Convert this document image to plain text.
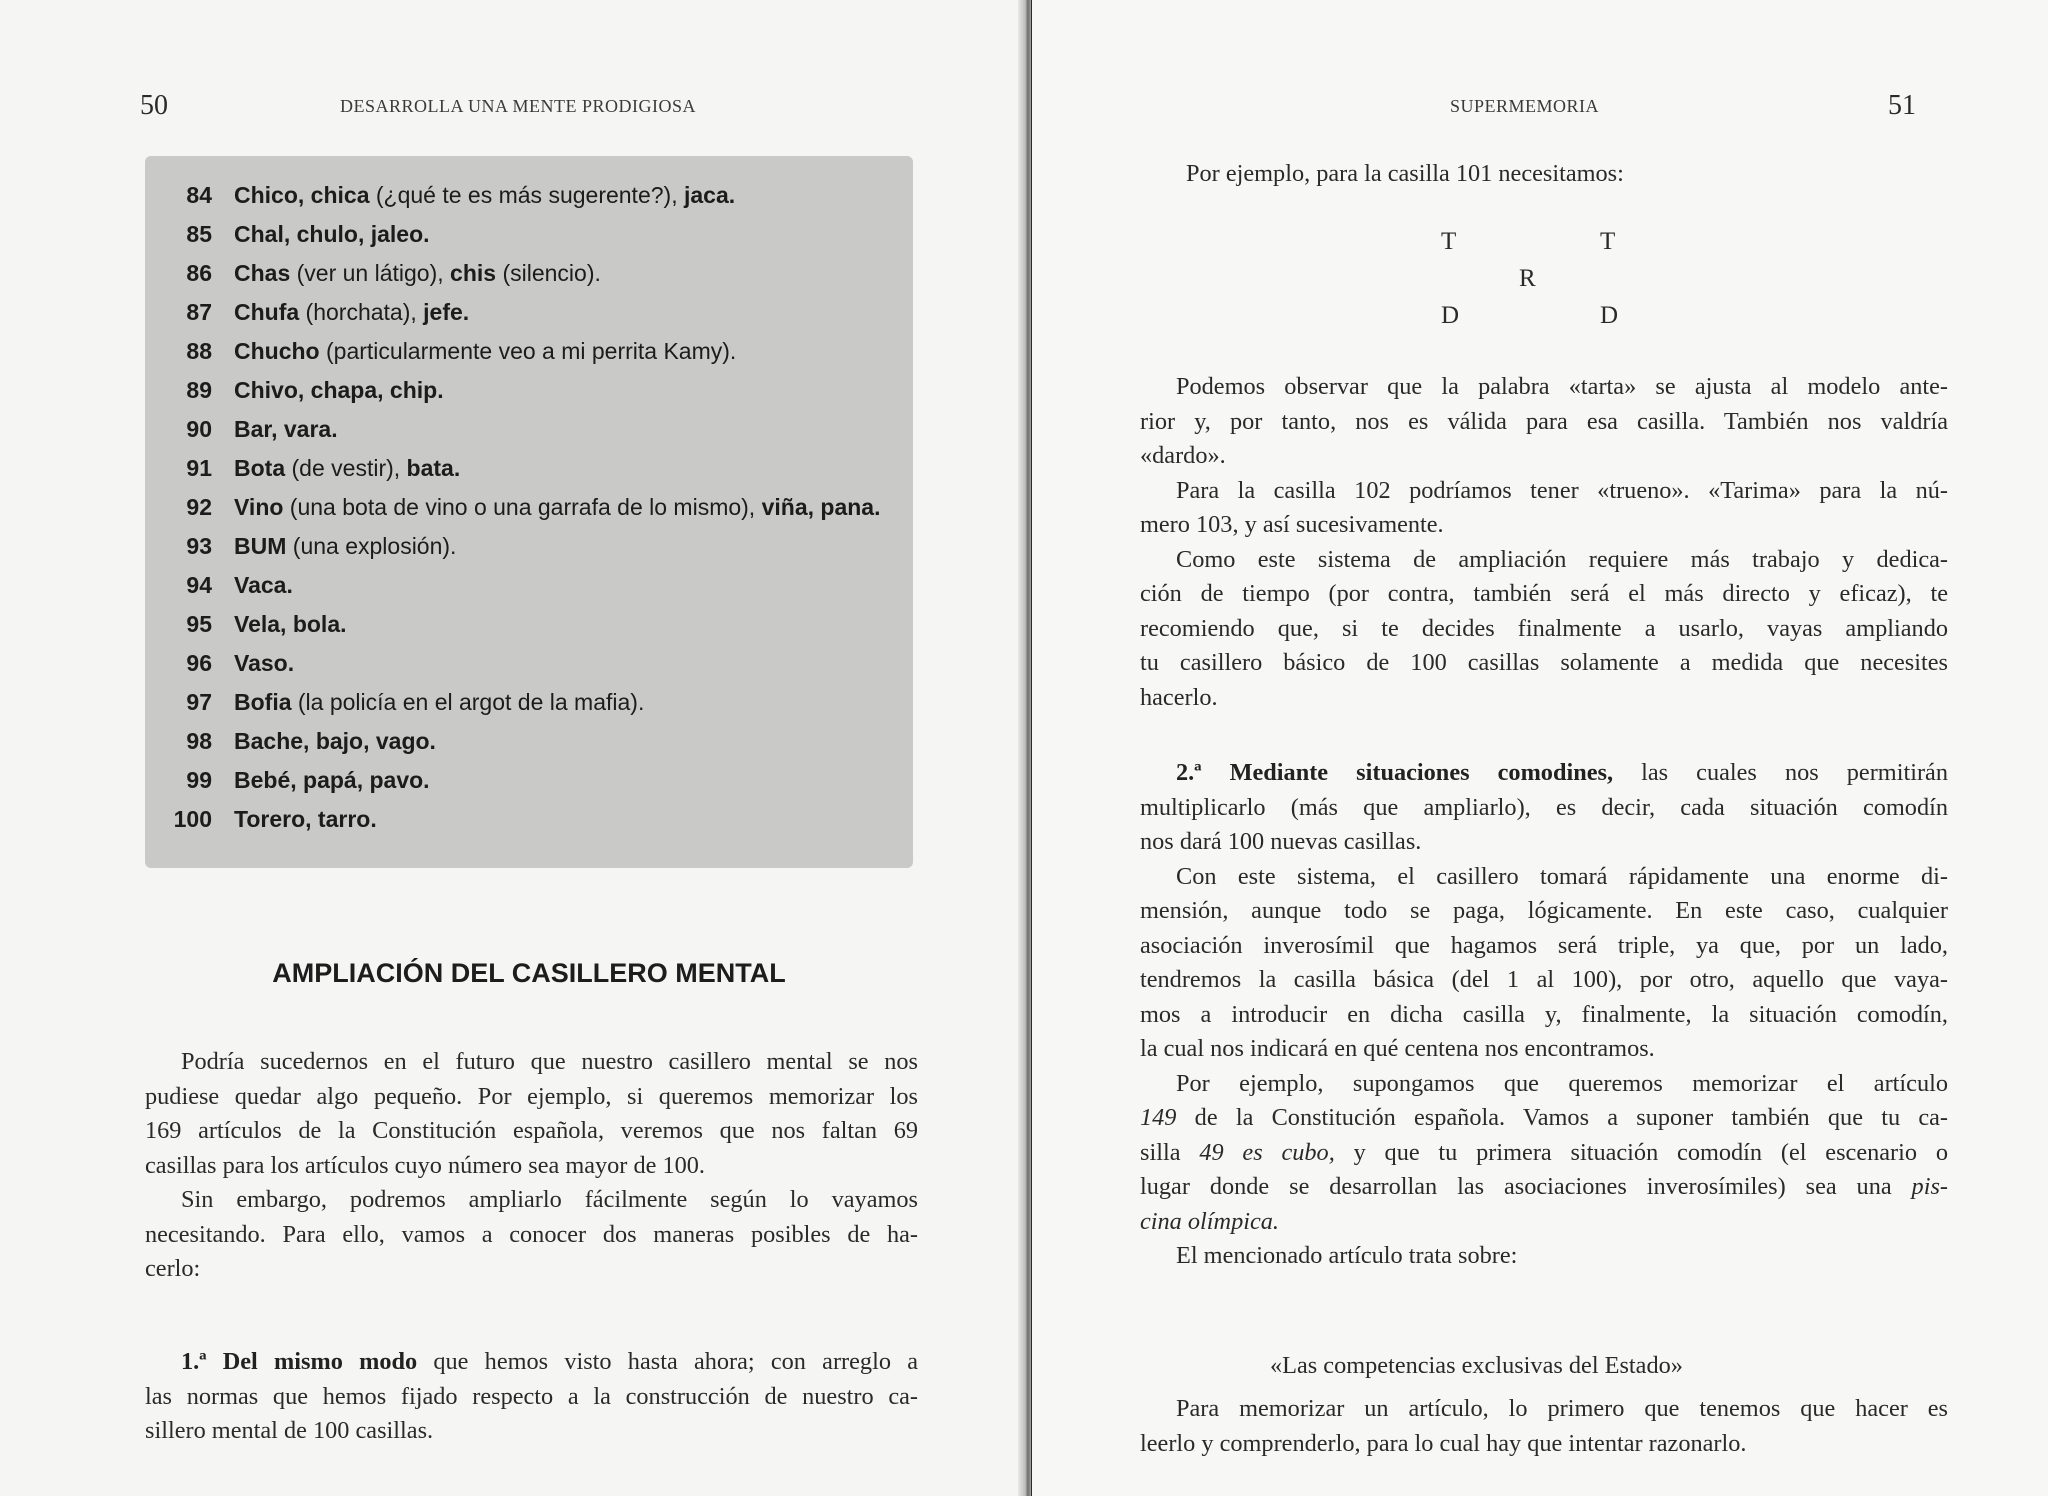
50	DESARROLLA UNA MENTE PRODIGIOSA
84 Chico, chica (¿qué te es más sugerente?), jaca.
85 Chal, chulo, jaleo.
86 Chas (ver un látigo), chis (silencio).
87 Chufa (horchata), jefe.
88 Chucho (particularmente veo a mi perrita Kamy).
89 Chivo, chapa, chip.
90 Bar, vara.
91 Bota (de vestir), bata.
92 Vino (una bota de vino o una garrafa de lo mismo), viña, pana.
93 BUM (una explosión).
94 Vaca.
95 Vela, bola.
96 Vaso.
97 Bofia (la policía en el argot de la mafia).
98 Bache, bajo, vago.
99 Bebé, papá, pavo.
100 Torero, tarro.
AMPLIACIÓN DEL CASILLERO MENTAL
Podría sucedernos en el futuro que nuestro casillero mental se nos
pudiese quedar algo pequeño. Por ejemplo, si queremos memorizar los
169 artículos de la Constitución española, veremos que nos faltan 69
casillas para los artículos cuyo número sea mayor de 100.
Sin embargo, podremos ampliarlo fácilmente según lo vayamos
necesitando. Para ello, vamos a conocer dos maneras posibles de ha-
cerlo:
1.ª Del mismo modo que hemos visto hasta ahora; con arreglo a
las normas que hemos fijado respecto a la construcción de nuestro ca-
sillero mental de 100 casillas.
SUPERMEMORIA	51
Por ejemplo, para la casilla 101 necesitamos:
T	T
R
D	D
Podemos observar que la palabra «tarta» se ajusta al modelo ante-
rior y, por tanto, nos es válida para esa casilla. También nos valdría
«dardo».
Para la casilla 102 podríamos tener «trueno». «Tarima» para la nú-
mero 103, y así sucesivamente.
Como este sistema de ampliación requiere más trabajo y dedica-
ción de tiempo (por contra, también será el más directo y eficaz), te
recomiendo que, si te decides finalmente a usarlo, vayas ampliando
tu casillero básico de 100 casillas solamente a medida que necesites
hacerlo.
2.ª Mediante situaciones comodines, las cuales nos permitirán
multiplicarlo (más que ampliarlo), es decir, cada situación comodín
nos dará 100 nuevas casillas.
Con este sistema, el casillero tomará rápidamente una enorme di-
mensión, aunque todo se paga, lógicamente. En este caso, cualquier
asociación inverosímil que hagamos será triple, ya que, por un lado,
tendremos la casilla básica (del 1 al 100), por otro, aquello que vaya-
mos a introducir en dicha casilla y, finalmente, la situación comodín,
la cual nos indicará en qué centena nos encontramos.
Por ejemplo, supongamos que queremos memorizar el artículo
149 de la Constitución española. Vamos a suponer también que tu ca-
silla 49 es cubo, y que tu primera situación comodín (el escenario o
lugar donde se desarrollan las asociaciones inverosímiles) sea una pis-
cina olímpica.
El mencionado artículo trata sobre:
«Las competencias exclusivas del Estado»
Para memorizar un artículo, lo primero que tenemos que hacer es
leerlo y comprenderlo, para lo cual hay que intentar razonarlo.
